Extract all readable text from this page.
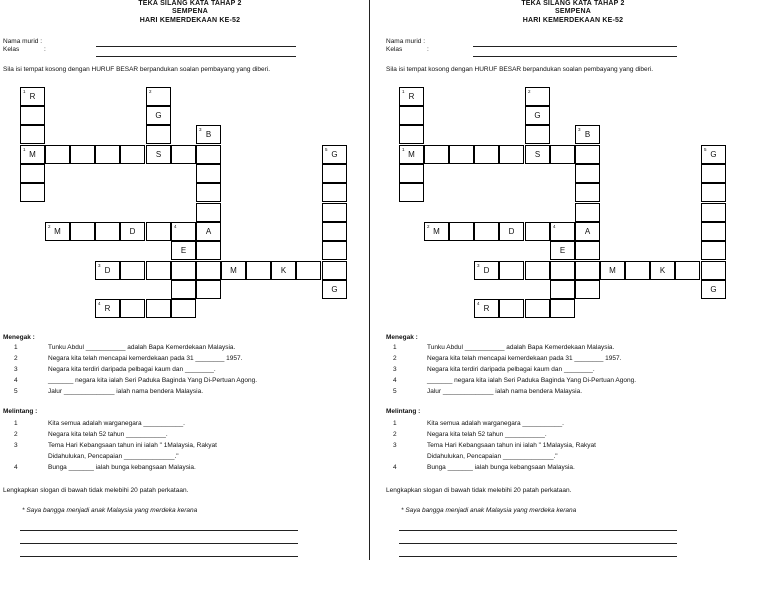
TEKA SILANG KATA TAHAP 2
SEMPENA
HARI KEMERDEKAAN KE-52
Nama murid :
Kelas	:
Sila isi tempat kosong dengan HURUF BESAR berpandukan soalan pembayang yang diberi.
1
R
1
M	S
2
G
3
B
A
2
M	D
4
E
3
D	M	K
4
R
5
G
G
Menegak :
1	Tunku Abdul ___________ adalah Bapa Kemerdekaan Malaysia.
2	Negara kita telah mencapai kemerdekaan pada 31 ________ 1957.
3	Negara kita terdiri daripada pelbagai kaum dan ________.
4	_______ negara kita ialah Seri Paduka Baginda Yang Di-Pertuan Agong.
5	Jalur ______________ ialah nama bendera Malaysia.
Melintang :
1	Kita semua adalah warganegara ___________.
2	Negara kita telah 52 tahun ___________.
3	Tema Hari Kebangsaan tahun ini ialah " 1Malaysia, Rakyat
Didahulukan, Pencapaian ______________."
4	Bunga _______ ialah bunga kebangsaan Malaysia.
Lengkapkan slogan di bawah tidak melebihi 20 patah perkataan.
* Saya bangga menjadi anak Malaysia yang merdeka kerana
TEKA SILANG KATA TAHAP 2
SEMPENA
HARI KEMERDEKAAN KE-52
Nama murid :
Kelas	:
Sila isi tempat kosong dengan HURUF BESAR berpandukan soalan pembayang yang diberi.
1
R
1
M	S
2
G
3
B
A
2
M	D
4
E
3
D	M	K
4
R
5
G
G
Menegak :
1	Tunku Abdul ___________ adalah Bapa Kemerdekaan Malaysia.
2	Negara kita telah mencapai kemerdekaan pada 31 ________ 1957.
3	Negara kita terdiri daripada pelbagai kaum dan ________.
4	_______ negara kita ialah Seri Paduka Baginda Yang Di-Pertuan Agong.
5	Jalur ______________ ialah nama bendera Malaysia.
Melintang :
1	Kita semua adalah warganegara ___________.
2	Negara kita telah 52 tahun ___________.
3	Tema Hari Kebangsaan tahun ini ialah " 1Malaysia, Rakyat
Didahulukan, Pencapaian ______________."
4	Bunga _______ ialah bunga kebangsaan Malaysia.
Lengkapkan slogan di bawah tidak melebihi 20 patah perkataan.
* Saya bangga menjadi anak Malaysia yang merdeka kerana
